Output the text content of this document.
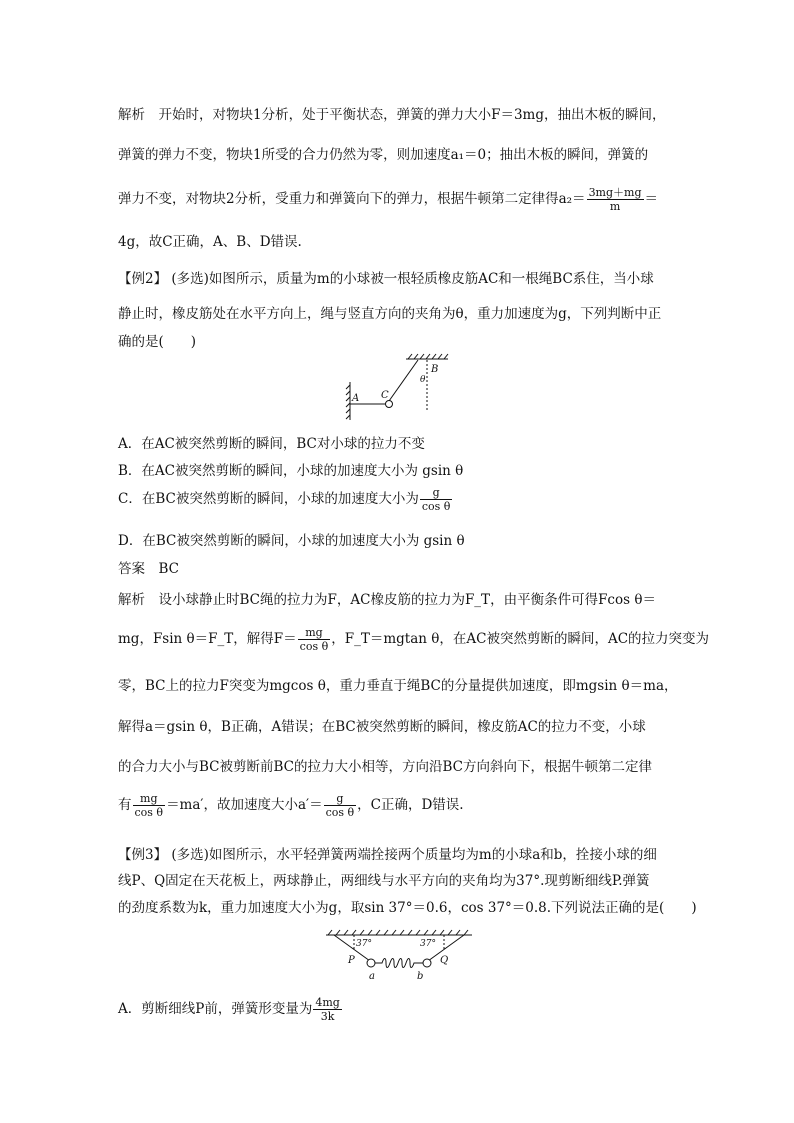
解析　开始时，对物块1分析，处于平衡状态，弹簧的弹力大小F＝3mg，抽出木板的瞬间，
弹簧的弹力不变，物块1所受的合力仍然为零，则加速度a₁＝0；抽出木板的瞬间，弹簧的
弹力不变，对物块2分析，受重力和弹簧向下的弹力，根据牛顿第二定律得$a_2= \frac{3mg+mg}{m}$ ＝
4g，故C正确，A、B、D错误.
【例2】 (多选)如图所示，质量为m的小球被一根轻质橡皮筋AC和一根绳BC系住，当小球
静止时，橡皮筋处在水平方向上，绳与竖直方向的夹角为θ，重力加速度为g，下列判断中正
确的是(　　)
B
θ
C
A
A．在AC被突然剪断的瞬间，BC对小球的拉力不变
B．在AC被突然剪断的瞬间，小球的加速度大小为 gsin θ
C．在BC被突然剪断的瞬间，小球的加速度大小为 $\frac{g}{\text{cos θ}}$
D．在BC被突然剪断的瞬间，小球的加速度大小为 gsin θ
答案　BC
解析　设小球静止时BC绳的拉力为F，AC橡皮筋的拉力为F_T，由平衡条件可得Fcos θ＝
mg，Fsin θ＝F_T，解得$F= \frac{mg}{\text{cos θ}}$ ，F_T＝mgtan θ，在AC被突然剪断的瞬间，AC的拉力突变为
零，BC上的拉力F突变为mgcos θ，重力垂直于绳BC的分量提供加速度，即mgsin θ＝ma，
解得a＝gsin θ，B正确，A错误；在BC被突然剪断的瞬间，橡皮筋AC的拉力不变，小球
的合力大小与BC被剪断前BC的拉力大小相等，方向沿BC方向斜向下，根据牛顿第二定律
有 $\frac{mg}{\text{cos θ}} =ma'$，故加速度大小$a'= \frac{g}{\text{cos θ}}$ ，C正确，D错误.
【例3】 (多选)如图所示，水平轻弹簧两端拴接两个质量均为m的小球a和b，拴接小球的细
线P、Q固定在天花板上，两球静止，两细线与水平方向的夹角均为37°.现剪断细线P.弹簧
的劲度系数为k，重力加速度大小为g，取sin 37°＝0.6，cos 37°＝0.8.下列说法正确的是(　　)
37°	37°
P	Q
a	b
A．剪断细线P前，弹簧形变量为 $\frac{4mg}{3k}$
